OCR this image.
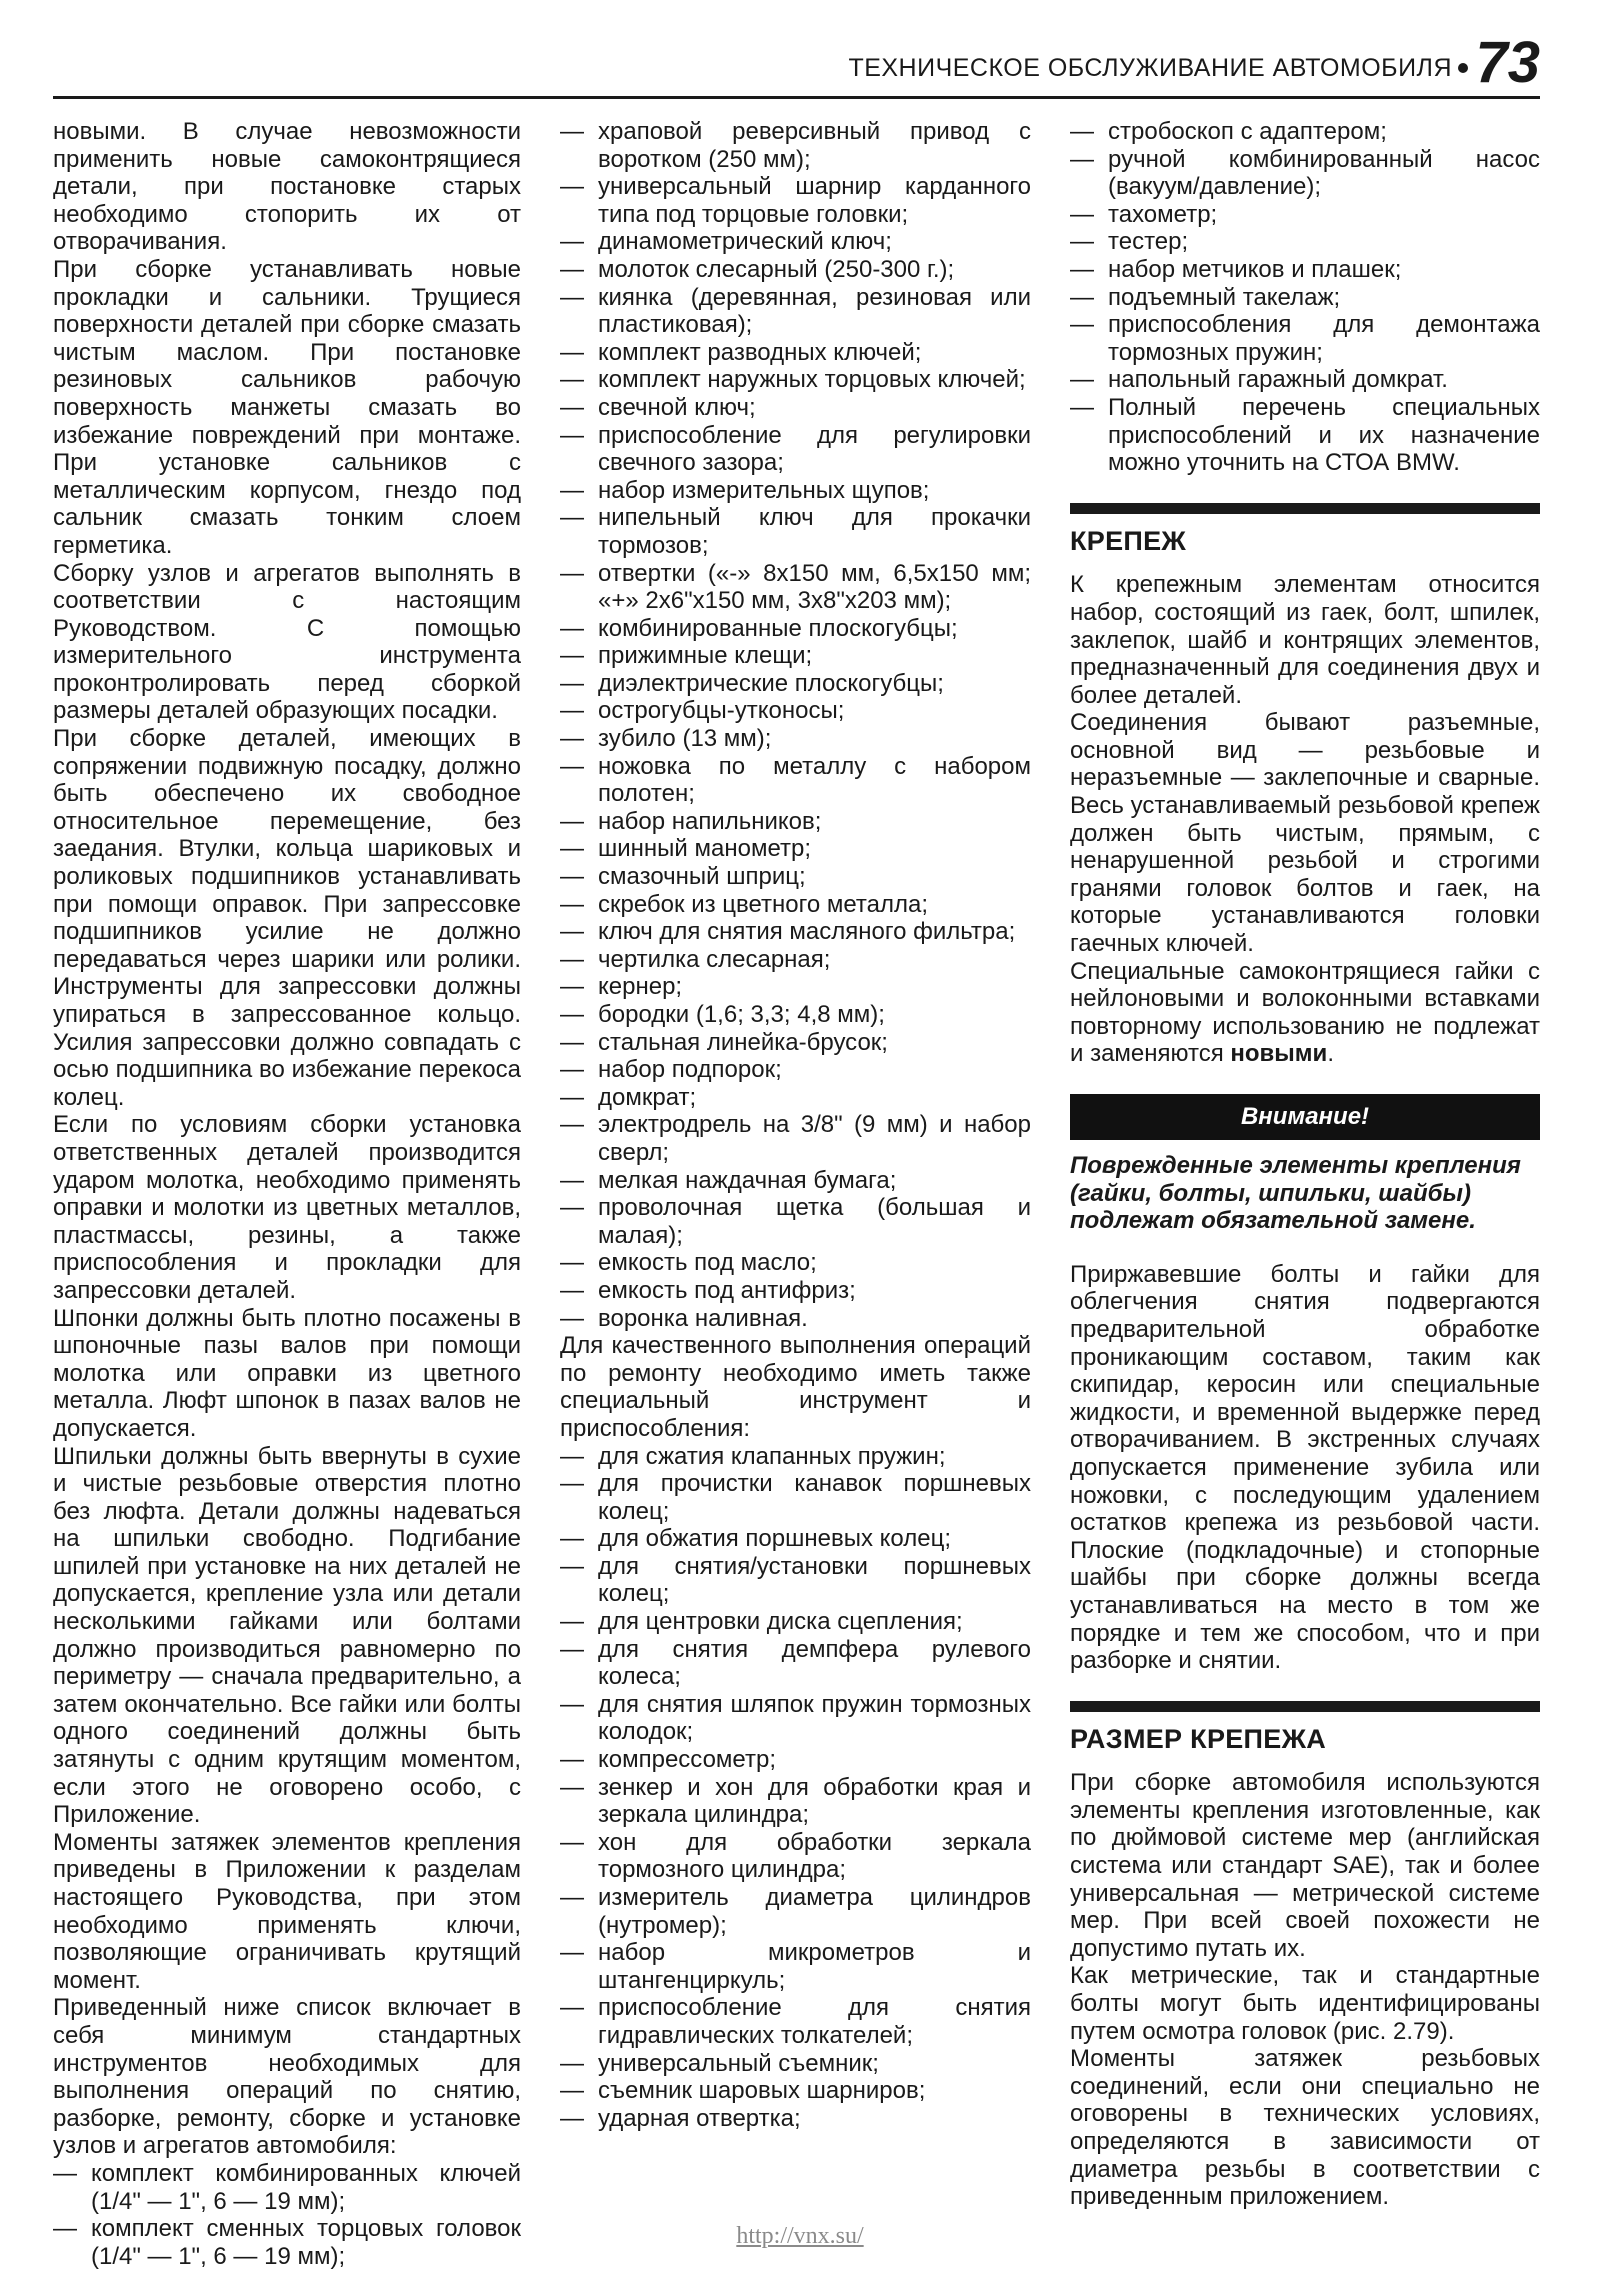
ТЕХНИЧЕСКОЕ ОБСЛУЖИВАНИЕ АВТОМОБИЛЯ 73

новыми. В случае невозможности применить новые самоконтрящиеся детали, при постановке старых необходимо стопорить их от отворачивания.

При сборке устанавливать новые прокладки и сальники. Трущиеся поверхности деталей при сборке смазать чистым маслом. При постановке резиновых сальников рабочую поверхность манжеты смазать во избежание повреждений при монтаже. При установке сальников с металлическим корпусом, гнездо под сальник смазать тонким слоем герметика.

Сборку узлов и агрегатов выполнять в соответствии с настоящим Руководством. С помощью измерительного инструмента проконтролировать перед сборкой размеры деталей образующих посадки.

При сборке деталей, имеющих в сопряжении подвижную посадку, должно быть обеспечено их свободное относительное перемещение, без заедания. Втулки, кольца шариковых и роликовых подшипников устанавливать при помощи оправок. При запрессовке подшипников усилие не должно передаваться через шарики или ролики. Инструменты для запрессовки должны упираться в запрессованное кольцо. Усилия запрессовки должно совпадать с осью подшипника во избежание перекоса колец.

Если по условиям сборки установка ответственных деталей производится ударом молотка, необходимо применять оправки и молотки из цветных металлов, пластмассы, резины, а также приспособления и прокладки для запрессовки деталей.

Шпонки должны быть плотно посажены в шпоночные пазы валов при помощи молотка или оправки из цветного металла. Люфт шпонок в пазах валов не допускается.

Шпильки должны быть ввернуты в сухие и чистые резьбовые отверстия плотно без люфта. Детали должны надеваться на шпильки свободно. Подгибание шпилей при установке на них деталей не допускается, крепление узла или детали несколькими гайками или болтами должно производиться равномерно по периметру — сначала предварительно, а затем окончательно. Все гайки или болты одного соединений должны быть затянуты с одним крутящим моментом, если этого не оговорено особо, с Приложение.

Моменты затяжек элементов крепления приведены в Приложении к разделам настоящего Руководства, при этом необходимо применять ключи, позволяющие ограничивать крутящий момент.

Приведенный ниже список включает в себя минимум стандартных инструментов необходимых для выполнения операций по снятию, разборке, ремонту, сборке и установке узлов и агрегатов автомобиля:

— комплект комбинированных ключей (1/4" — 1", 6 — 19 мм);

— комплект сменных торцовых головок (1/4" — 1", 6 — 19 мм);

— храповой реверсивный привод с воротком (250 мм);

— универсальный шарнир карданного типа под торцовые головки;

— динамометрический ключ;

— молоток слесарный (250-300 г.);

— киянка (деревянная, резиновая или пластиковая);

— комплект разводных ключей;

— комплект наружных торцовых ключей;

— свечной ключ;

— приспособление для регулировки свечного зазора;

— набор измерительных щупов;

— нипельный ключ для прокачки тормозов;

— отвертки («-» 8х150 мм, 6,5х150 мм; «+» 2х6"х150 мм, 3х8"х203 мм);

— комбинированные плоскогубцы;

— прижимные клещи;

— диэлектрические плоскогубцы;

— острогубцы-утконосы;

— зубило (13 мм);

— ножовка по металлу с набором полотен;

— набор напильников;

— шинный манометр;

— смазочный шприц;

— скребок из цветного металла;

— ключ для снятия масляного фильтра;

— чертилка слесарная;

— кернер;

— бородки (1,6; 3,3; 4,8 мм);

— стальная линейка-брусок;

— набор подпорок;

— домкрат;

— электродрель на 3/8" (9 мм) и набор сверл;

— мелкая наждачная бумага;

— проволочная щетка (большая и малая);

— емкость под масло;

— емкость под антифриз;

— воронка наливная.

Для качественного выполнения операций по ремонту необходимо иметь также специальный инструмент и приспособления:

— для сжатия клапанных пружин;

— для прочистки канавок поршневых колец;

— для обжатия поршневых колец;

— для снятия/установки поршневых колец;

— для центровки диска сцепления;

— для снятия демпфера рулевого колеса;

— для снятия шляпок пружин тормозных колодок;

— компрессометр;

— зенкер и хон для обработки края и зеркала цилиндра;

— хон для обработки зеркала тормозного цилиндра;

— измеритель диаметра цилиндров (нутромер);

— набор микрометров и штангенциркуль;

— приспособление для снятия гидравлических толкателей;

— универсальный съемник;

— съемник шаровых шарниров;

— ударная отвертка;

— стробоскоп с адаптером;

— ручной комбинированный насос (вакуум/давление);

— тахометр;

— тестер;

— набор метчиков и плашек;

— подъемный такелаж;

— приспособления для демонтажа тормозных пружин;

— напольный гаражный домкрат.

— Полный перечень специальных приспособлений и их назначение можно уточнить на СТОА BMW.

КРЕПЕЖ

К крепежным элементам относится набор, состоящий из гаек, болт, шпилек, заклепок, шайб и контрящих элементов, предназначенный для соединения двух и более деталей.

Соединения бывают разъемные, основной вид — резьбовые и неразъемные — заклепочные и сварные. Весь устанавливаемый резьбовой крепеж должен быть чистым, прямым, с ненарушенной резьбой и строгими гранями головок болтов и гаек, на которые устанавливаются головки гаечных ключей.

Специальные самоконтрящиеся гайки с нейлоновыми и волоконными вставками повторному использованию не подлежат и заменяются новыми.

Внимание!

Поврежденные элементы крепления (гайки, болты, шпильки, шайбы) подлежат обязательной замене.

Приржавевшие болты и гайки для облегчения снятия подвергаются предварительной обработке проникающим составом, таким как скипидар, керосин или специальные жидкости, и временной выдержке перед отворачиванием. В экстренных случаях допускается применение зубила или ножовки, с последующим удалением остатков крепежа из резьбовой части. Плоские (подкладочные) и стопорные шайбы при сборке должны всегда устанавливаться на место в том же порядке и тем же способом, что и при разборке и снятии.

РАЗМЕР КРЕПЕЖА

При сборке автомобиля используются элементы крепления изготовленные, как по дюймовой системе мер (английская система или стандарт SAE), так и более универсальная — метрической системе мер. При всей своей похожести не допустимо путать их.

Как метрические, так и стандартные болты могут быть идентифицированы путем осмотра головок (рис. 2.79).

Моменты затяжек резьбовых соединений, если они специально не оговорены в технических условиях, определяются в зависимости от диаметра резьбы в соответствии с приведенным приложением.

http://vnx.su/
